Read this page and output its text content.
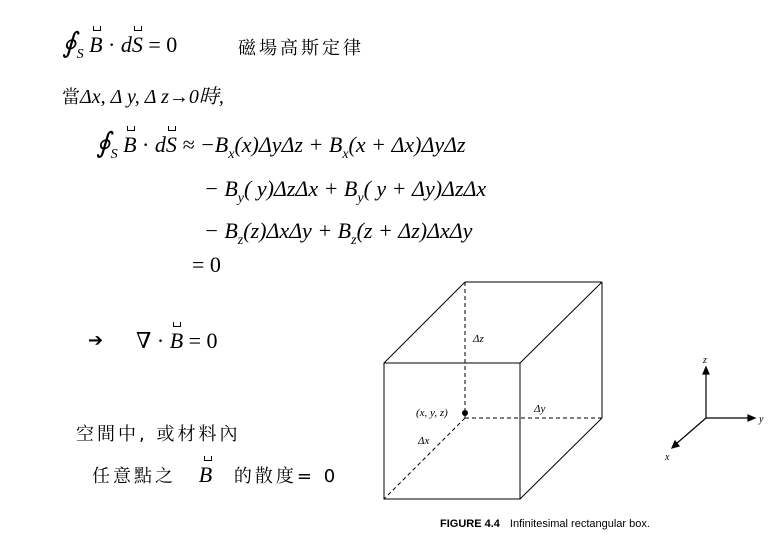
$∮_S$ B · dS = 0	磁場高斯定律
當Δx, Δ y, Δ z→0時,
$∮_S$ B · dS ≈ $-B_x(x)\Delta y\Delta z + B_x(x + \Delta x)\Delta y\Delta z$
− $B_y$( $y)\Delta z\Delta x + B_y$( y + Δy)ΔzΔx
− $B_z(z)\Delta x\Delta y + B_z(z + \Delta z)\Delta x\Delta y$
= 0
➔ ∇ · B = 0
空間中, 或材料內
任意點之 B 的散度= 0
Δz
Δy
Δx
(x, y, z)
z
y
x
FIGURE 4.4 Infinitesimal rectangular box.
